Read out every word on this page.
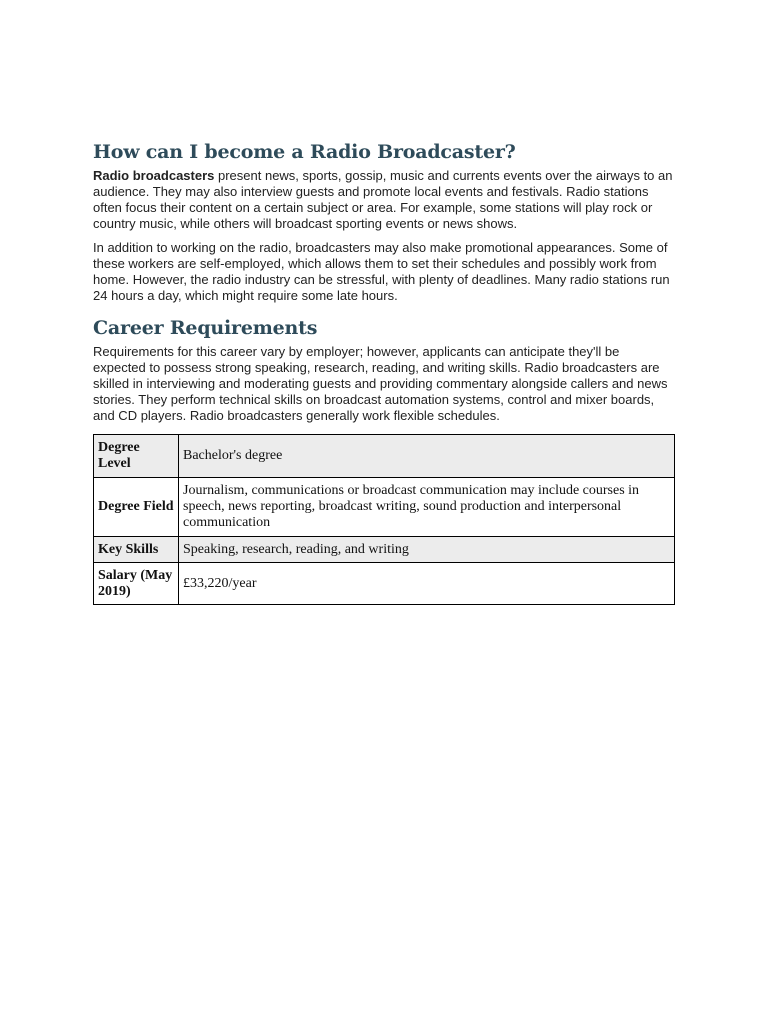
How can I become a Radio Broadcaster?

Radio broadcasters present news, sports, gossip, music and currents events over the airways to an audience. They may also interview guests and promote local events and festivals. Radio stations often focus their content on a certain subject or area. For example, some stations will play rock or country music, while others will broadcast sporting events or news shows.

In addition to working on the radio, broadcasters may also make promotional appearances. Some of these workers are self-employed, which allows them to set their schedules and possibly work from home. However, the radio industry can be stressful, with plenty of deadlines. Many radio stations run 24 hours a day, which might require some late hours.

Career Requirements

Requirements for this career vary by employer; however, applicants can anticipate they'll be expected to possess strong speaking, research, reading, and writing skills. Radio broadcasters are skilled in interviewing and moderating guests and providing commentary alongside callers and news stories. They perform technical skills on broadcast automation systems, control and mixer boards, and CD players. Radio broadcasters generally work flexible schedules.

Degree Level	Bachelor's degree
Degree Field	Journalism, communications or broadcast communication may include courses in speech, news reporting, broadcast writing, sound production and interpersonal communication
Key Skills	Speaking, research, reading, and writing
Salary (May 2019)	£33,220/year
